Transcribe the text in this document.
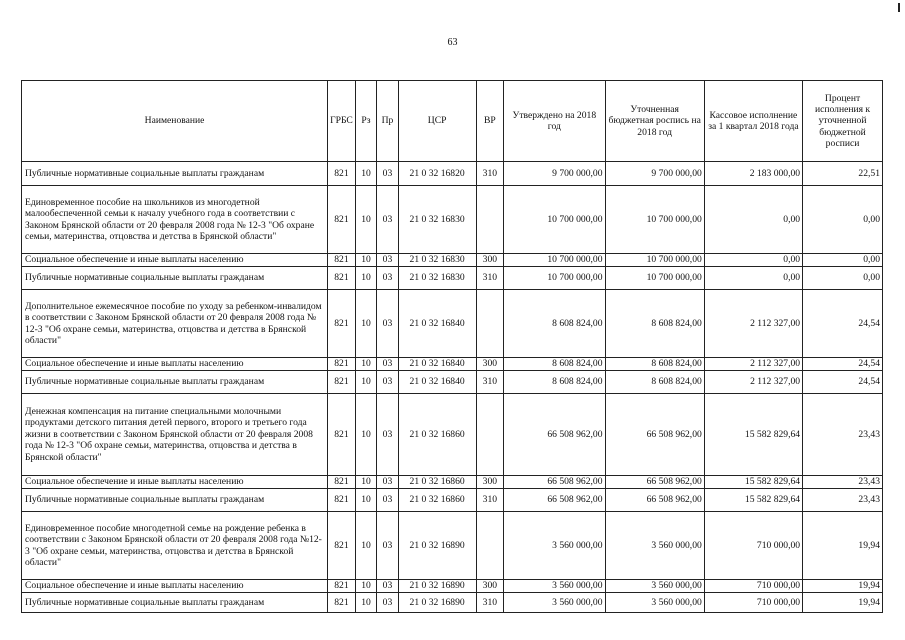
63
Наименование	ГРБС	Рз	Пр	ЦСР	ВР	Утверждено на 2018 год	Уточненная бюджетная роспись на 2018 год	Кассовое исполнение за 1 квартал 2018 года	Процент исполнения к уточненной бюджетной росписи
Публичные нормативные социальные выплаты гражданам	821	10	03	21 0 32 16820	310	9 700 000,00	9 700 000,00	2 183 000,00	22,51
Единовременное пособие на школьников из многодетной малообеспеченной семьи к началу учебного года в соответствии с Законом Брянской области от 20 февраля 2008 года № 12-3 "Об охране семьи, материнства, отцовства и детства в Брянской области"	821	10	03	21 0 32 16830		10 700 000,00	10 700 000,00	0,00	0,00
Социальное обеспечение и иные выплаты населению	821	10	03	21 0 32 16830	300	10 700 000,00	10 700 000,00	0,00	0,00
Публичные нормативные социальные выплаты гражданам	821	10	03	21 0 32 16830	310	10 700 000,00	10 700 000,00	0,00	0,00
Дополнительное ежемесячное пособие по уходу за ребенком-инвалидом в соответствии с Законом Брянской области от 20 февраля 2008 года № 12-3 "Об охране семьи, материнства, отцовства и детства в Брянской области"	821	10	03	21 0 32 16840		8 608 824,00	8 608 824,00	2 112 327,00	24,54
Социальное обеспечение и иные выплаты населению	821	10	03	21 0 32 16840	300	8 608 824,00	8 608 824,00	2 112 327,00	24,54
Публичные нормативные социальные выплаты гражданам	821	10	03	21 0 32 16840	310	8 608 824,00	8 608 824,00	2 112 327,00	24,54
Денежная компенсация на питание специальными молочными продуктами детского питания детей первого, второго и третьего года жизни в соответствии с Законом Брянской области от 20 февраля 2008 года № 12-3 "Об охране семьи, материнства, отцовства и детства в Брянской области"	821	10	03	21 0 32 16860		66 508 962,00	66 508 962,00	15 582 829,64	23,43
Социальное обеспечение и иные выплаты населению	821	10	03	21 0 32 16860	300	66 508 962,00	66 508 962,00	15 582 829,64	23,43
Публичные нормативные социальные выплаты гражданам	821	10	03	21 0 32 16860	310	66 508 962,00	66 508 962,00	15 582 829,64	23,43
Единовременное пособие многодетной семье на рождение ребенка в соответствии с Законом Брянской области от 20 февраля 2008 года №12-3 "Об охране семьи, материнства, отцовства и детства в Брянской области"	821	10	03	21 0 32 16890		3 560 000,00	3 560 000,00	710 000,00	19,94
Социальное обеспечение и иные выплаты населению	821	10	03	21 0 32 16890	300	3 560 000,00	3 560 000,00	710 000,00	19,94
Публичные нормативные социальные выплаты гражданам	821	10	03	21 0 32 16890	310	3 560 000,00	3 560 000,00	710 000,00	19,94
